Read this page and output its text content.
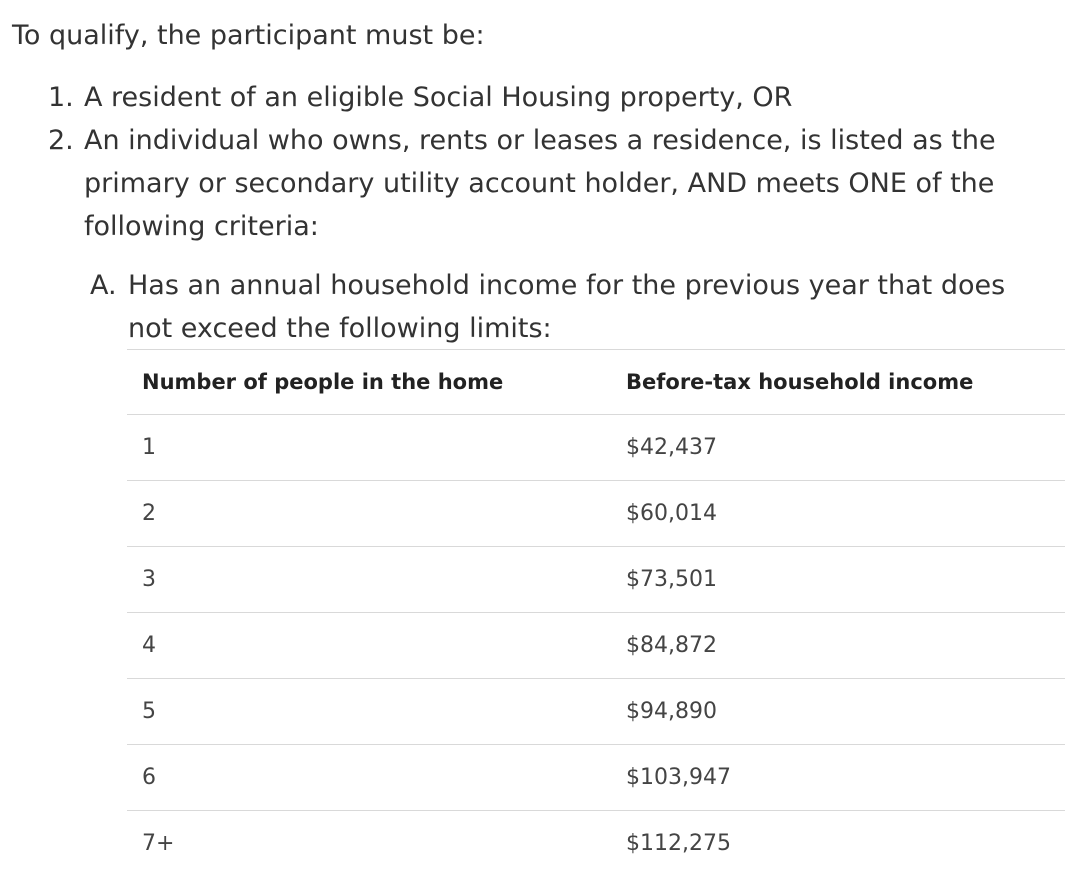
To qualify, the participant must be:

1. A resident of an eligible Social Housing property, OR
2. An individual who owns, rents or leases a residence, is listed as the primary or secondary utility account holder, AND meets ONE of the following criteria:
A. Has an annual household income for the previous year that does not exceed the following limits:
Number of people in the home	Before-tax household income
1	$42,437
2	$60,014
3	$73,501
4	$84,872
5	$94,890
6	$103,947
7+	$112,275
